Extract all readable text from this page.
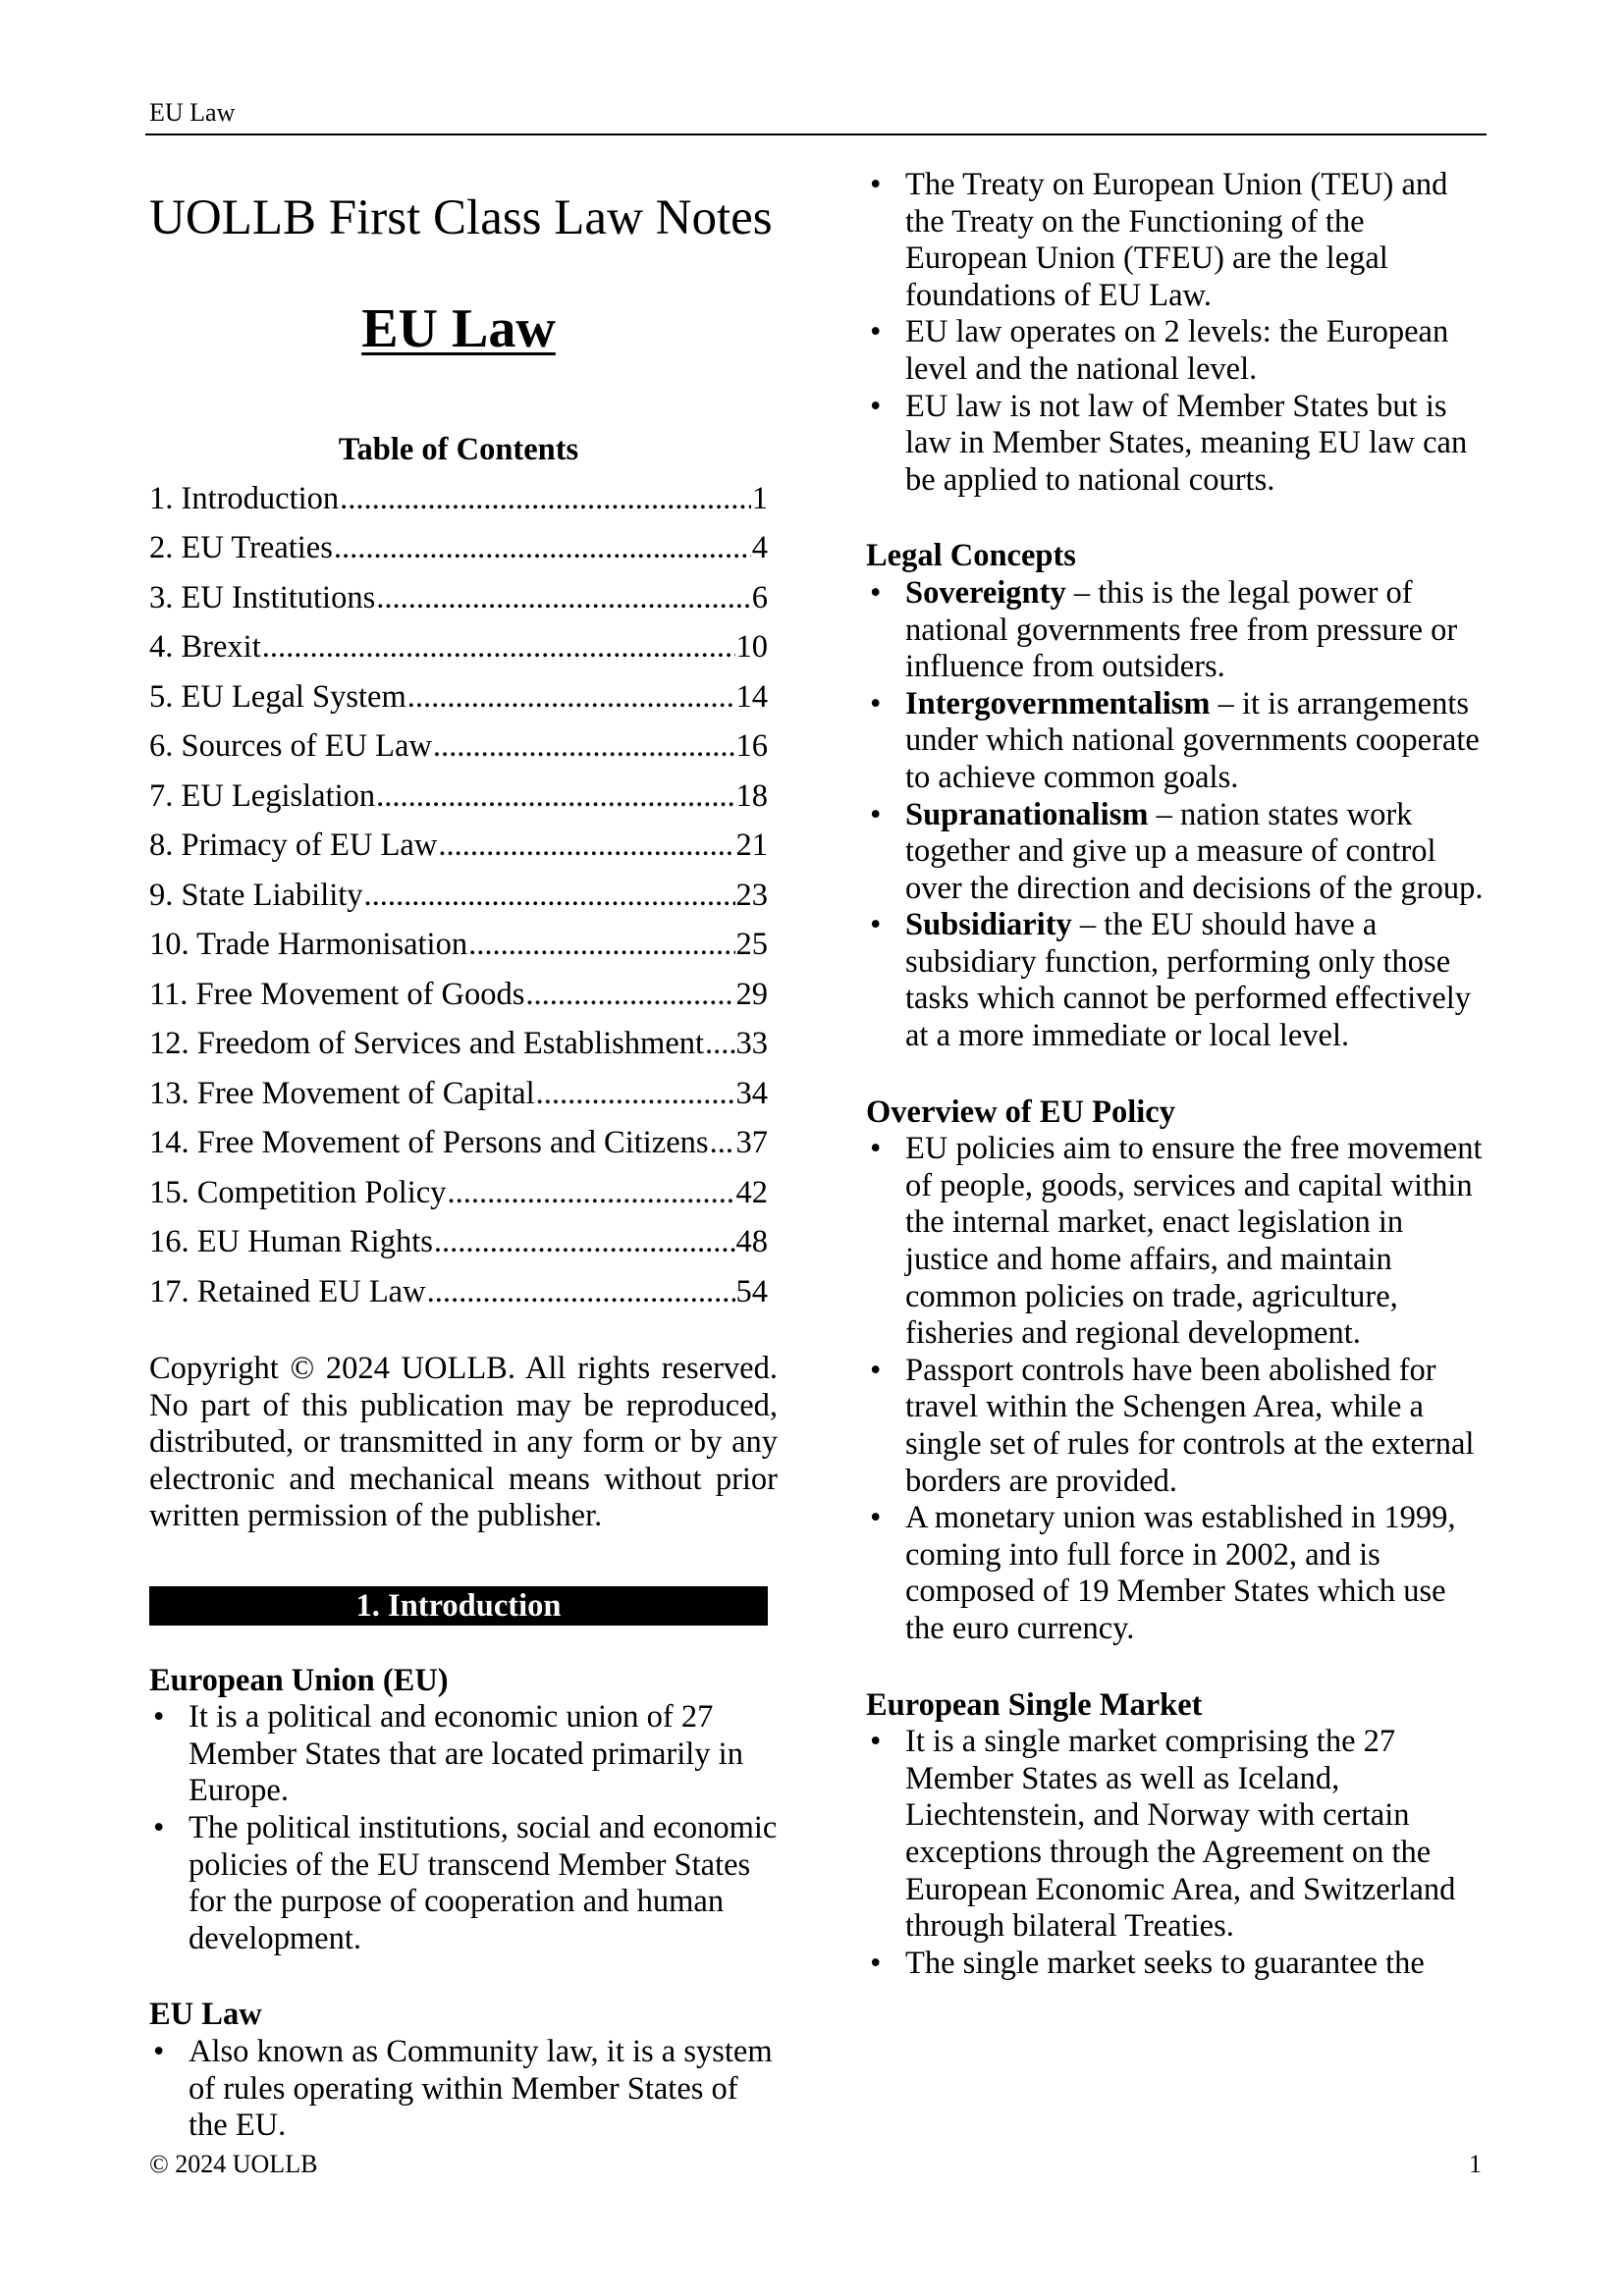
EU Law
UOLLB First Class Law Notes
EU Law
Table of Contents
1. Introduction .....	1
2. EU Treaties .....	4
3. EU Institutions .....	6
4. Brexit .....	10
5. EU Legal System .....	14
6. Sources of EU Law .....	16
7. EU Legislation .....	18
8. Primacy of EU Law .....	21
9. State Liability .....	23
10. Trade Harmonisation .....	25
11. Free Movement of Goods .....	29
12. Freedom of Services and Establishment ..... 33
13. Free Movement of Capital .....	34
14. Free Movement of Persons and Citizens ..... 37
15. Competition Policy .....	42
16. EU Human Rights .....	48
17. Retained EU Law .....	54

Copyright © 2024 UOLLB. All rights reserved. No part of this publication may be reproduced, distributed, or transmitted in any form or by any electronic and mechanical means without prior written permission of the publisher.

1. Introduction

European Union (EU)

• It is a political and economic union of 27 Member States that are located primarily in Europe.
• The political institutions, social and economic policies of the EU transcend Member States for the purpose of cooperation and human development.

EU Law

• Also known as Community law, it is a system of rules operating within Member States of the EU.
• The Treaty on European Union (TEU) and the Treaty on the Functioning of the European Union (TFEU) are the legal foundations of EU Law.
• EU law operates on 2 levels: the European level and the national level.
• EU law is not law of Member States but is law in Member States, meaning EU law can be applied to national courts.

Legal Concepts

• Sovereignty – this is the legal power of national governments free from pressure or influence from outsiders.
• Intergovernmentalism – it is arrangements under which national governments cooperate to achieve common goals.
• Supranationalism – nation states work together and give up a measure of control over the direction and decisions of the group.
• Subsidiarity – the EU should have a subsidiary function, performing only those tasks which cannot be performed effectively at a more immediate or local level.

Overview of EU Policy

• EU policies aim to ensure the free movement of people, goods, services and capital within the internal market, enact legislation in justice and home affairs, and maintain common policies on trade, agriculture, fisheries and regional development.
• Passport controls have been abolished for travel within the Schengen Area, while a single set of rules for controls at the external borders are provided.
• A monetary union was established in 1999, coming into full force in 2002, and is composed of 19 Member States which use the euro currency.

European Single Market

• It is a single market comprising the 27 Member States as well as Iceland, Liechtenstein, and Norway with certain exceptions through the Agreement on the European Economic Area, and Switzerland through bilateral Treaties.
• The single market seeks to guarantee the
© 2024 UOLLB	1
